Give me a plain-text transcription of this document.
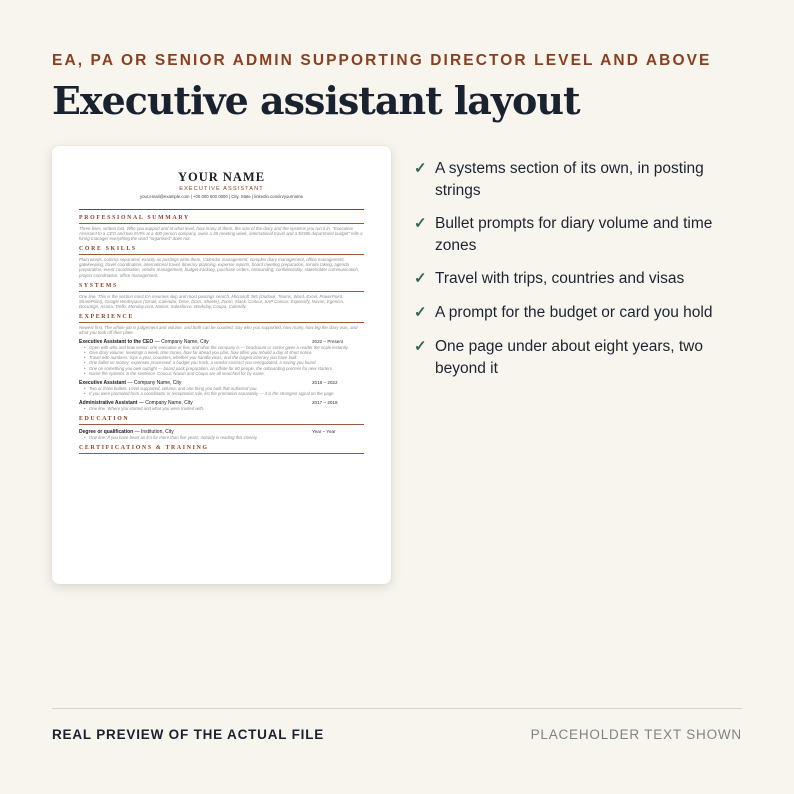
EA, PA OR SENIOR ADMIN SUPPORTING DIRECTOR LEVEL AND ABOVE
Executive assistant layout
YOUR NAME
EXECUTIVE ASSISTANT
your.email@example.com | +00 000 000 0000 | City, State | linkedin.com/in/yourname
PROFESSIONAL SUMMARY
Three lines, written last. Who you support and at what level, how many of them, the size of the diary and the systems you run it in. "Executive Assistant to a CEO and two SVPs at a 400-person company, owns a 30-meeting week, international travel and a $250k department budget" tells a hiring manager everything the word "organised" does not.
CORE SKILLS
Plain words, comma separated, exactly as postings write them. Calendar management, complex diary management, office management, gatekeeping, travel coordination, international travel, itinerary planning, expense reports, board meeting preparation, minute taking, agenda preparation, event coordination, vendor management, budget tracking, purchase orders, onboarding, confidentiality, stakeholder communication, project coordination, office management.
SYSTEMS
One line. This is the section most EA resumes skip and most postings search. Microsoft 365 (Outlook, Teams, Word, Excel, PowerPoint, SharePoint), Google Workspace (Gmail, Calendar, Drive, Docs, Sheets), Zoom, Slack, Concur, SAP Concur, Expensify, Navan, Egencia, DocuSign, Asana, Trello, Monday.com, Notion, Salesforce, Workday, Coupa, Calendly.
EXPERIENCE
Newest first. The whole job is judgement and volume, and both can be counted. Say who you supported, how many, how big the diary was, and what you took off their plate.
Executive Assistant to the CEO — Company Name, City	2022 – Present
• Open with who and how senior: one executive or five, and what the company is — headcount or sector gives a reader the scale instantly.
• Give diary volume: meetings a week, time zones, how far ahead you plan, how often you rebuild a day at short notice.
• Travel with numbers: trips a year, countries, whether you handle visas, and the largest itinerary you have built.
• One bullet on money: expenses processed, a budget you track, a vendor contract you renegotiated, a saving you found.
• One on something you own outright — board pack preparation, an offsite for 60 people, the onboarding process for new starters.
• Name the systems in the sentence. Concur, Navan and Coupa are all searched for by name.
Executive Assistant — Company Name, City	2018 – 2022
• Two or three bullets. Level supported, volume, and one thing you built that outlasted you.
• If you were promoted from a coordinator or receptionist role, list the promotion separately — it is the strongest signal on the page.
Administrative Assistant — Company Name, City	2017 – 2018
• One line. Where you started and what you were trusted with.
EDUCATION
Degree or qualification — Institution, City	Year – Year
• One line. If you have been an EA for more than five years, nobody is reading this closely.
CERTIFICATIONS & TRAINING
✓ A systems section of its own, in posting strings
✓ Bullet prompts for diary volume and time zones
✓ Travel with trips, countries and visas
✓ A prompt for the budget or card you hold
✓ One page under about eight years, two beyond it
REAL PREVIEW OF THE ACTUAL FILE	PLACEHOLDER TEXT SHOWN
